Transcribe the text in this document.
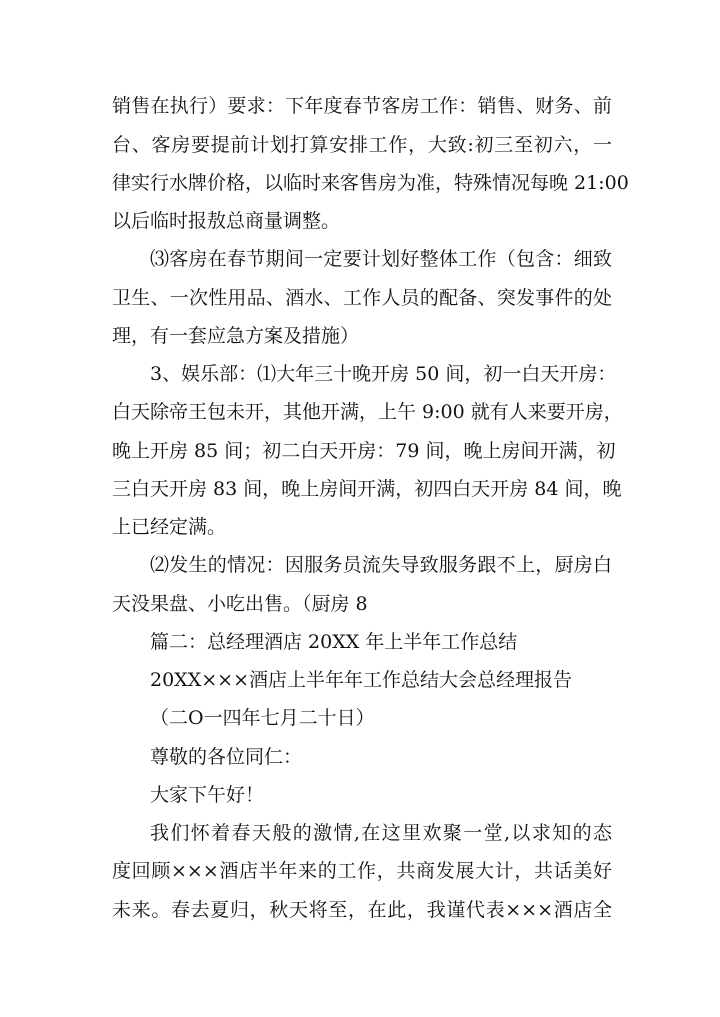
销售在执行）要求：下年度春节客房工作：销售、财务、前
台、客房要提前计划打算安排工作，大致:初三至初六，一
律实行水牌价格，以临时来客售房为准，特殊情况每晚 21:00
以后临时报敖总商量调整。
⑶客房在春节期间一定要计划好整体工作（包含：细致
卫生、一次性用品、酒水、工作人员的配备、突发事件的处
理，有一套应急方案及措施）
3、娱乐部：⑴大年三十晚开房 50 间，初一白天开房：
白天除帝王包未开，其他开满，上午 9:00 就有人来要开房，
晚上开房 85 间；初二白天开房：79 间，晚上房间开满，初
三白天开房 83 间，晚上房间开满，初四白天开房 84 间，晚
上已经定满。
⑵发生的情况：因服务员流失导致服务跟不上，厨房白
天没果盘、小吃出售。（厨房 8
篇二：总经理酒店 20XX 年上半年工作总结
20XX×××酒店上半年年工作总结大会总经理报告
（二O一四年七月二十日）
尊敬的各位同仁：
大家下午好！
我们怀着春天般的激情,在这里欢聚一堂,以求知的态
度回顾×××酒店半年来的工作，共商发展大计，共话美好
未来。春去夏归，秋天将至，在此，我谨代表×××酒店全
